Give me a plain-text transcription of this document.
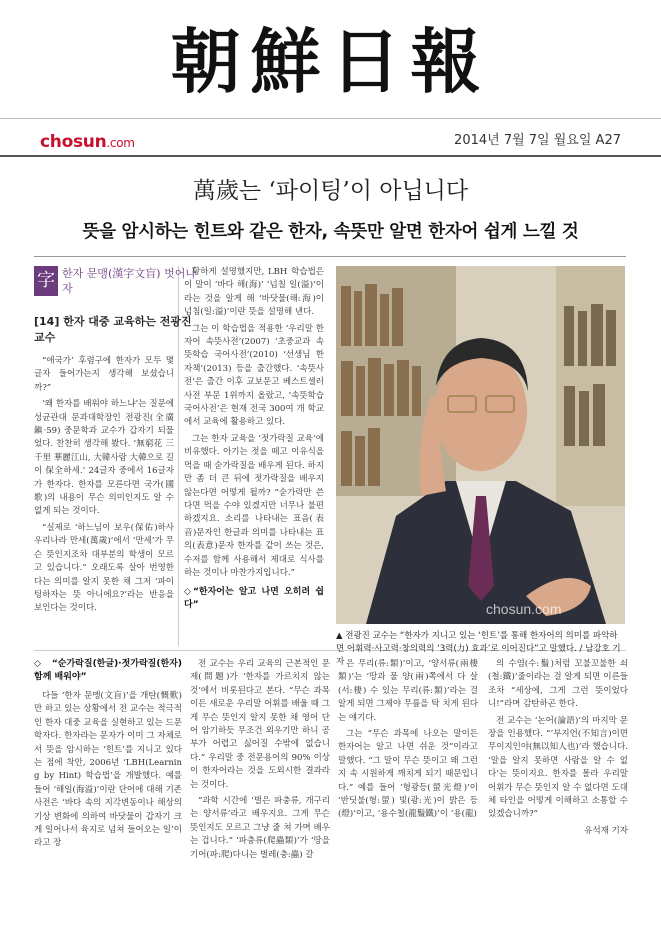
朝鮮日報
chosun.com	2014년 7월 7일 월요일 A27
萬歲는 ‘파이팅’이 아닙니다
뜻을 암시하는 힌트와 같은 한자, 속뜻만 알면 한자어 쉽게 느낄 것
字 한자 문맹(漢字文盲) 벗어나자
[14] 한자 대중 교육하는 전광진 교수

“애국가’ 후렴구에 한자가 모두 몇 글자 들어가는지 생각해 보셨습니까?”

‘왜 한자를 배워야 하느냐’는 질문에 성균관대 문과대학장인 전광진(全廣鎭·59) 중문학과 교수가 갑자기 되물었다. 찬찬히 생각해 봤다. ‘無窮花 三千里 華麗江山, 大韓사람 大韓으로 길이 保全하세.’ 24글자 중에서 16글자가 한자다. 한자를 모른다면 국가(國歌)의 내용이 무슨 의미인지도 알 수 없게 되는 것이다.

“실제로 ‘하느님이 보우(保佑)하사 우리나라 만세(萬歲)’에서 ‘만세’가 무슨 뜻인지조차 대부분의 학생이 모르고 있습니다.” 오래도록 살아 번영한다는 의미를 알지 못한 채 그저 ‘파이팅하자는 뜻 아니에요?’라는 반응을 보인다는 것이다.

황하게 설명했지만, LBH 학습법은 이 말이 ‘바다 해(海)’ ‘넘칠 일(溢)’이라는 것을 알게 해 ‘바닷물(해:海)이 넘침(일:溢)’이란 뜻을 설명해 낸다.

그는 이 학습법을 적용한 ‘우리말 한자어 속뜻사전’(2007) ‘초중교과 속뜻학습 국어사전’(2010) ‘선생님 한자책’(2013) 등을 출간했다. ‘속뜻사전’은 출간 이후 교보문고 베스트셀러 사전 부문 1위까지 올랐고, ‘속뜻학습 국어사전’은 현재 전국 300여 개 학교에서 교육에 활용하고 있다.

그는 한자 교육을 ‘젓가락질 교육’에 비유했다. 아기는 젓을 떼고 이유식을 먹을 때 숟가락질을 배우게 된다. 하지만 좀 더 큰 뒤에 젓가락질을 배우지 않는다면 어떻게 될까? “숟가락만 쓴다면 먹을 수야 있겠지만 너무나 불편하겠지요. 소리를 나타내는 표음(表音)문자인 한글과 의미를 나타내는 표의(表意)문자 한자를 같이 쓰는 것은, 수저를 함께 사용해서 제대로 식사를 하는 것이나 마찬가지입니다.”

◇“한자어는 알고 나면 오히려 쉽다”	chosun.com
▲ 전광진 교수는 “한자가 지니고 있는 ‘힌트’를 통해 한자어의 의미를 파악하면 어휘력·사고력·창의력의 ‘3력(力) 효과’로 이어진다”고 말했다. / 남강호 기자
◇“순가락질(한글)·젓가락질(한자) 함께 배워야”

다들 ‘한자 문맹(文盲)’을 개탄(慨歎)만 하고 있는 상황에서 전 교수는 적극적인 한자 대중 교육을 실현하고 있는 드문 학자다. 한자라는 문자가 이미 그 자체로서 뜻을 암시하는 ‘힌트’를 지니고 있다는 점에 착안, 2006년 ‘LBH(Learning by Hint) 학습법’을 개발했다. 예를 들어 ‘해일(海溢)’이란 단어에 대해 기존 사전은 ‘바다 속의 지각변동이나 해상의 기상 변화에 의하여 바닷물이 갑자기 크게 일어나서 육지로 넘쳐 들어오는 일’이라고 장

전 교수는 우리 교육의 근본적인 문제(問題)가 ‘한자를 가르치지 않는 것’에서 비롯된다고 본다. “무슨 과목이든 새로운 우리말 어휘를 배울 때 그게 무슨 뜻인지 알지 못한 채 영어 단어 암기하듯 무조건 외우기만 하니 공부가 어렵고 싫어질 수밖에 없습니다.” 우리말 중 전문용어의 90% 이상이 한자어라는 것을 도외시한 결과라는 것이다.

“과학 시간에 ‘벌은 파충류, 개구리는 양서류’라고 배우지요. 그게 무슨 뜻인지도 모르고 그냥 줄 쳐 가며 배우는 겁니다.” ‘파충류(爬蟲類)’가 ‘땅을 기어(파:爬)다니는 벌레(충:蟲) 갈

은 무리(류:類)’이고, ‘양서류(兩棲類)’는 ‘땅과 물 양(兩)쪽에서 다 살(서:棲) 수 있는 무리(류:類)’라는 걸 알게 되면 그제야 무릎을 탁 치게 된다는 얘기다.

그는 “무슨 과목에 나오는 말이든 한자어는 알고 나면 쉬운 것”이라고 말했다. “그 말이 무슨 뜻이고 왜 그런지 속 시원하게 깨치게 되기 때문입니다.” 예를 들어 ‘형광등(螢光燈)’이 ‘반딧불(형:螢) 빛(광:光)이 밝은 등(燈)’이고, ‘용수철(龍鬚鐵)’이 ‘용(龍)

의 수염(수:鬚)처럼 꼬불꼬불한 쇠(철:鐵)’줄이라는 걸 알게 되면 이른들조차 “세상에, 그게 그런 뜻이었다니!”라며 감탄하곤 한다.

전 교수는 ‘논어(論語)’의 마지막 문장을 인용했다. “‘부지언(不知言)이면 무이지인야(無以知人也)’라 했습니다. ‘말을 알지 못하면 사람을 알 수 없다’는 뜻이지요. 한자를 몰라 우리말 어휘가 무슨 뜻인지 알 수 없다면 도대체 타인을 어떻게 이해하고 소통할 수 있겠습니까?”

유석재 기자
